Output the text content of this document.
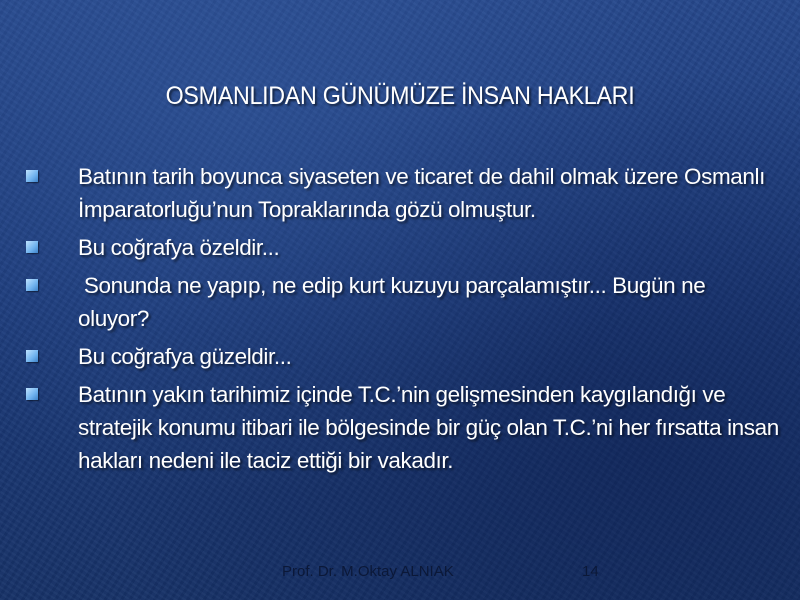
OSMANLIDAN GÜNÜMÜZE İNSAN HAKLARI
Batının tarih boyunca siyaseten ve ticaret de dahil olmak üzere Osmanlı İmparatorluğu’nun Topraklarında gözü olmuştur.
Bu coğrafya özeldir...
Sonunda ne yapıp, ne edip kurt kuzuyu parçalamıştır... Bugün ne oluyor?
Bu coğrafya güzeldir...
Batının yakın tarihimiz içinde T.C.’nin gelişmesinden kaygılandığı ve stratejik konumu itibari ile bölgesinde bir güç olan T.C.’ni her fırsatta insan hakları nedeni ile taciz ettiği bir vakadır.
Prof. Dr. M.Oktay ALNIAK	14
